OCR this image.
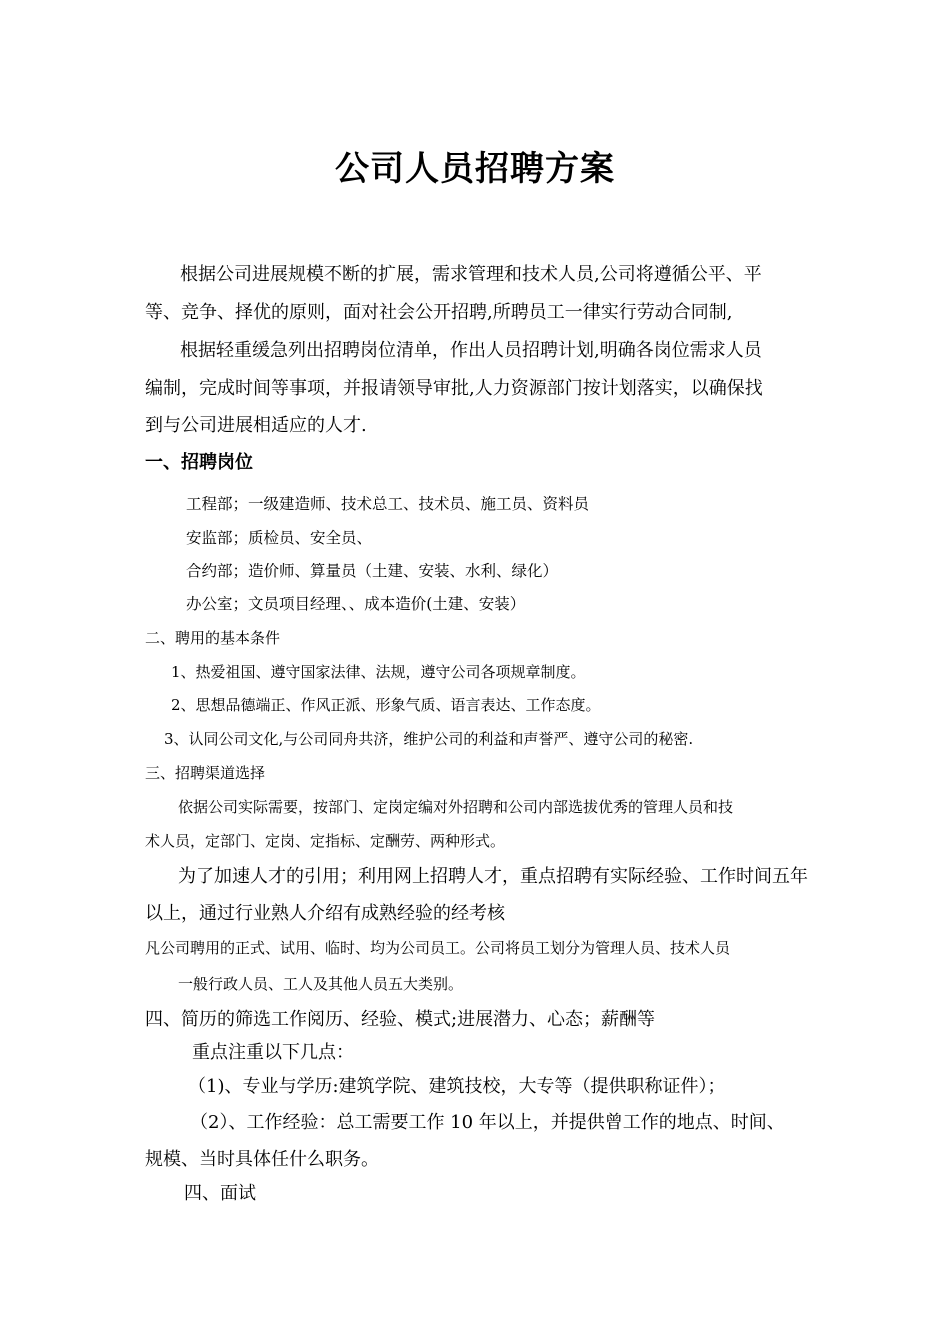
公司人员招聘方案
根据公司进展规模不断的扩展，需求管理和技术人员,公司将遵循公平、平
等、竞争、择优的原则，面对社会公开招聘,所聘员工一律实行劳动合同制,
根据轻重缓急列出招聘岗位清单，作出人员招聘计划,明确各岗位需求人员
编制，完成时间等事项，并报请领导审批,人力资源部门按计划落实，以确保找
到与公司进展相适应的人才.
一、招聘岗位
工程部；一级建造师、技术总工、技术员、施工员、资料员
安监部；质检员、安全员、
合约部；造价师、算量员（土建、安装、水利、绿化）
办公室；文员项目经理、、成本造价(土建、安装）
二、聘用的基本条件
1、热爱祖国、遵守国家法律、法规，遵守公司各项规章制度。
2、思想品德端正、作风正派、形象气质、语言表达、工作态度。
3、认同公司文化,与公司同舟共济，维护公司的利益和声誉严、遵守公司的秘密.
三、招聘渠道选择
依据公司实际需要，按部门、定岗定编对外招聘和公司内部选拔优秀的管理人员和技
术人员，定部门、定岗、定指标、定酬劳、两种形式。
为了加速人才的引用；利用网上招聘人才，重点招聘有实际经验、工作时间五年
以上，通过行业熟人介绍有成熟经验的经考核
凡公司聘用的正式、试用、临时、均为公司员工。公司将员工划分为管理人员、技术人员
一般行政人员、工人及其他人员五大类别。
四、简历的筛选工作阅历、经验、模式;进展潜力、心态；薪酬等
重点注重以下几点：
（1)、专业与学历:建筑学院、建筑技校，大专等（提供职称证件）；
（2）、工作经验：总工需要工作 10 年以上，并提供曾工作的地点、时间、
规模、当时具体任什么职务。
四、面试
